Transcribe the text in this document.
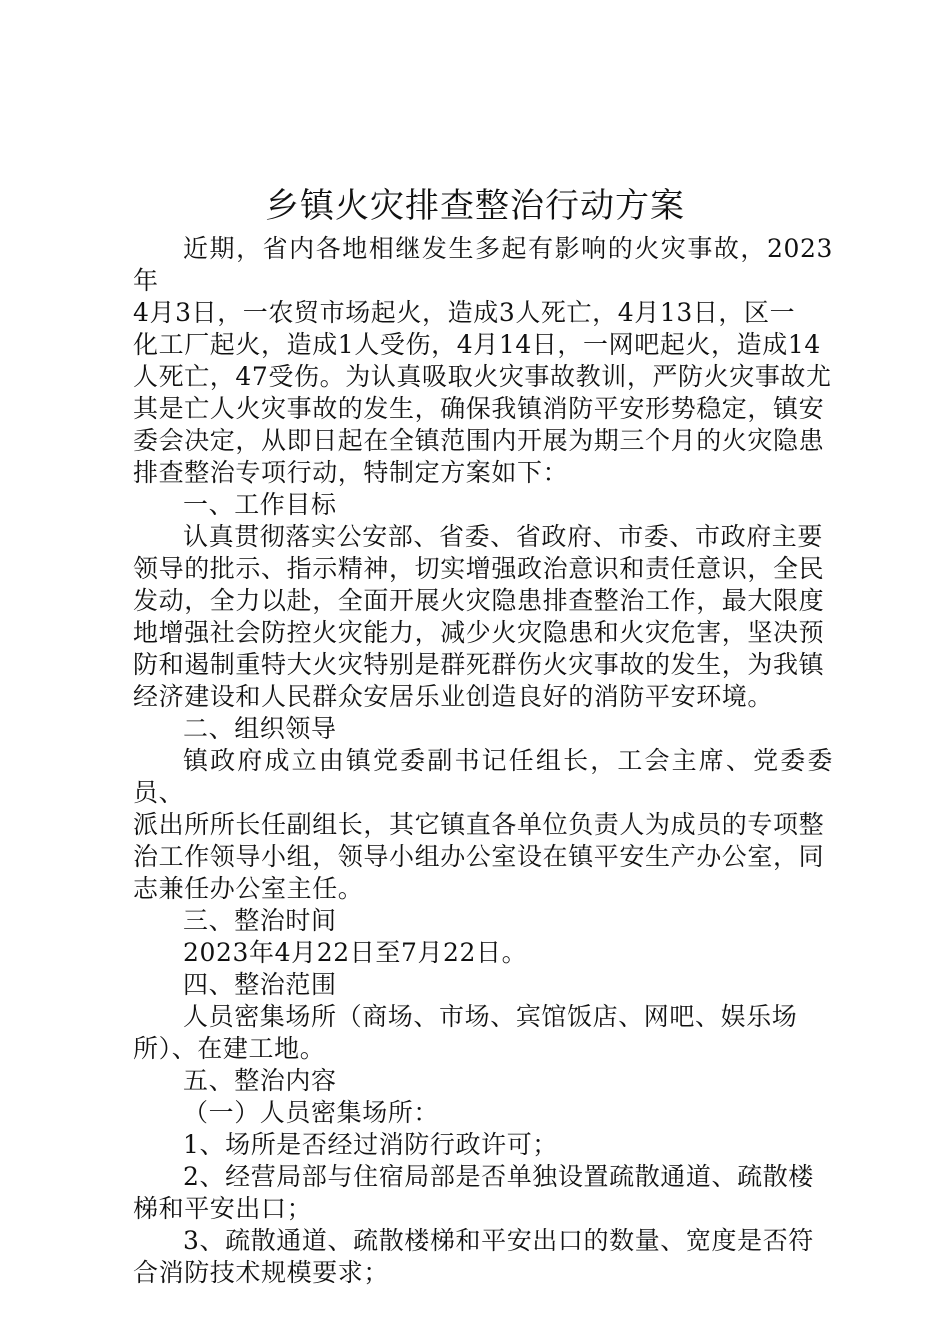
乡镇火灾排查整治行动方案

近期，省内各地相继发生多起有影响的火灾事故，2023年
4月3日，一农贸市场起火，造成3人死亡，4月13日，区一
化工厂起火，造成1人受伤，4月14日，一网吧起火，造成14
人死亡，47受伤。为认真吸取火灾事故教训，严防火灾事故尤
其是亡人火灾事故的发生，确保我镇消防平安形势稳定，镇安
委会决定，从即日起在全镇范围内开展为期三个月的火灾隐患
排查整治专项行动，特制定方案如下：

一、工作目标

认真贯彻落实公安部、省委、省政府、市委、市政府主要
领导的批示、指示精神，切实增强政治意识和责任意识，全民
发动，全力以赴，全面开展火灾隐患排查整治工作，最大限度
地增强社会防控火灾能力，减少火灾隐患和火灾危害，坚决预
防和遏制重特大火灾特别是群死群伤火灾事故的发生，为我镇
经济建设和人民群众安居乐业创造良好的消防平安环境。

二、组织领导

镇政府成立由镇党委副书记任组长，工会主席、党委委员、
派出所所长任副组长，其它镇直各单位负责人为成员的专项整
治工作领导小组，领导小组办公室设在镇平安生产办公室，同
志兼任办公室主任。

三、整治时间

2023年4月22日至7月22日。

四、整治范围

人员密集场所（商场、市场、宾馆饭店、网吧、娱乐场
所）、在建工地。

五、整治内容

（一）人员密集场所：

1、场所是否经过消防行政许可；

2、经营局部与住宿局部是否单独设置疏散通道、疏散楼
梯和平安出口；

3、疏散通道、疏散楼梯和平安出口的数量、宽度是否符
合消防技术规模要求；
